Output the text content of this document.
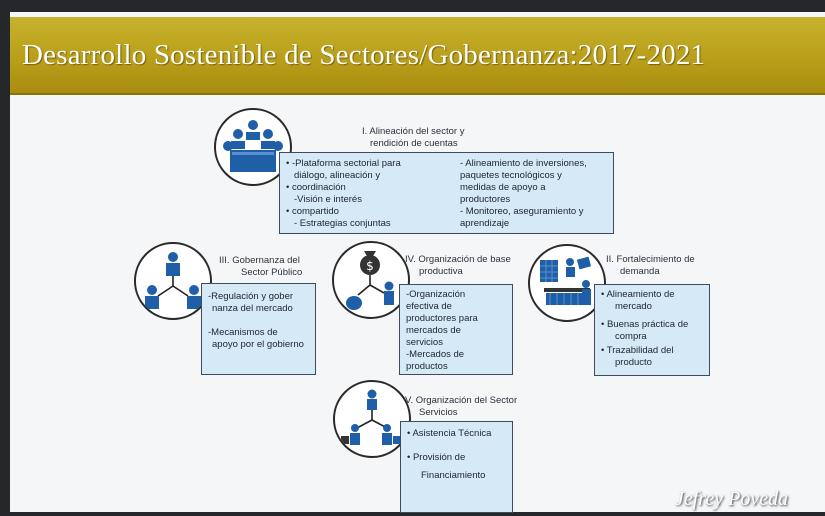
Desarrollo Sostenible de Sectores/Gobernanza:2017-2021
I. Alineación del sector y
rendición de cuentas
• -Plataforma sectorial para
diálogo, alineación y
• coordinación
-Visión e interés
• compartido
- Estrategias conjuntas
- Alineamiento de inversiones,
paquetes tecnológicos y
medidas de apoyo a
productores
- Monitoreo, aseguramiento y
aprendizaje
III. Gobernanza del
Sector Público
-Regulación y gober
nanza del mercado
-Mecanismos de
apoyo por el gobierno
$	IV. Organización de base
productiva
-Organización
efectiva de
productores para
mercados de
servicios
-Mercados de
productos
II. Fortalecimiento de
demanda
• Alineamiento de
mercado
• Buenas práctica de
compra
• Trazabilidad del
producto
V. Organización del Sector
Servicios
• Asistencia Técnica
• Provisión de
Financiamiento
Jefrey Poveda
